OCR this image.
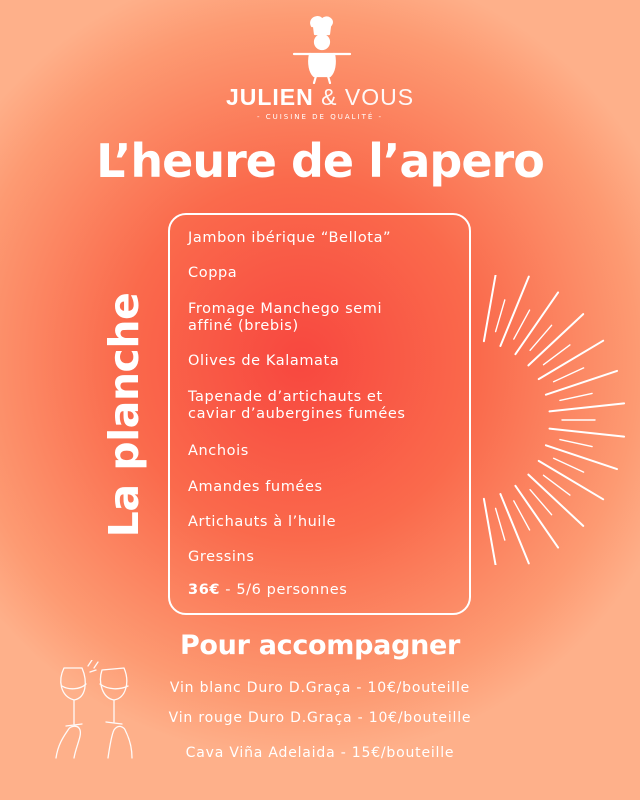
JULIEN & VOUS
- CUISINE DE QUALITÉ -
L’heure de l’apero
La planche
Jambon ibérique “Bellota”
Coppa
Fromage Manchego semi
affiné (brebis)
Olives de Kalamata
Tapenade d’artichauts et
caviar d’aubergines fumées
Anchois
Amandes fumées
Artichauts à l’huile
Gressins
36€ - 5/6 personnes
Pour accompagner
Vin blanc Duro D.Graça - 10€/bouteille
Vin rouge Duro D.Graça - 10€/bouteille
Cava Viña Adelaida - 15€/bouteille
